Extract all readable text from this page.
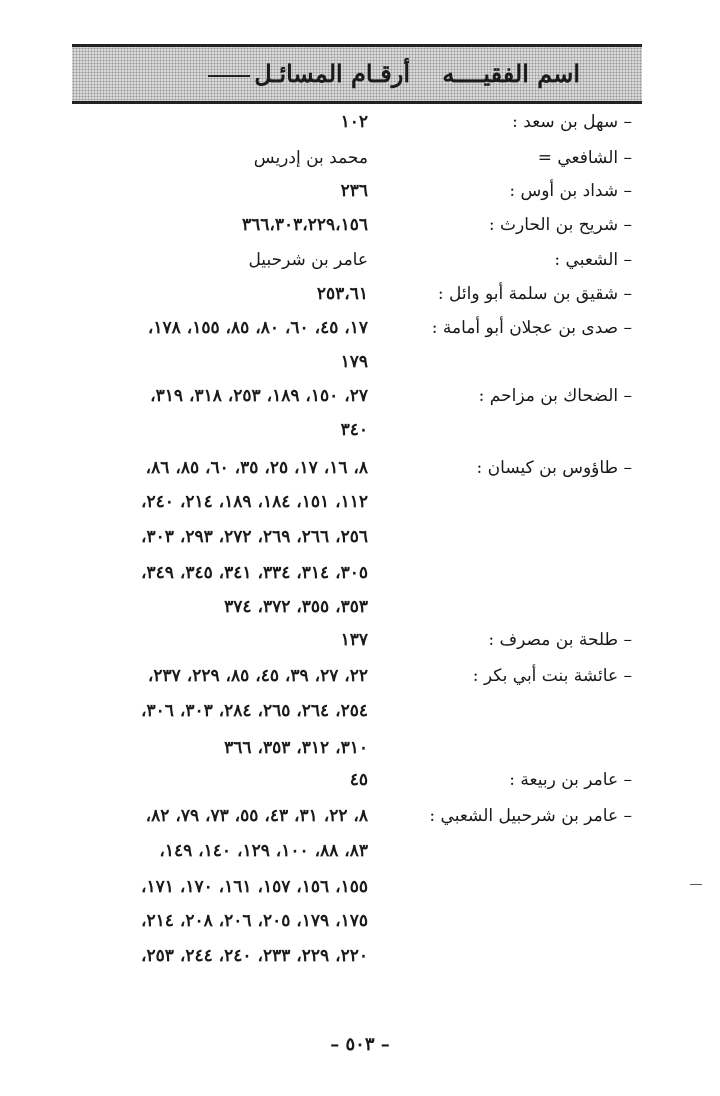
اسم الفقيــــه
أرقـام المسائـل
– سهل بن سعد :
١٠٢
– الشافعي =
محمد بن إدريس
– شداد بن أوس :
٢٣٦
– شريح بن الحارث :
٣٦٦،٣٠٣،٢٢٩،١٥٦
– الشعبي :
عامر بن شرحبيل
– شقيق بن سلمة أبو وائل :
٢٥٣،٦١
– صدى بن عجلان أبو أمامة :
١٧، ٤٥، ٦٠، ٨٠، ٨٥، ١٥٥، ١٧٨،
١٧٩
– الضحاك بن مزاحم :
٢٧، ١٥٠، ١٨٩، ٢٥٣، ٣١٨، ٣١٩،
٣٤٠
– طاؤوس بن كيسان :
٨، ١٦، ١٧، ٢٥، ٣٥، ٦٠، ٨٥، ٨٦،
١١٢، ١٥١، ١٨٤، ١٨٩، ٢١٤، ٢٤٠،
٢٥٦، ٢٦٦، ٢٦٩، ٢٧٢، ٢٩٣، ٣٠٣،
٣٠٥، ٣١٤، ٣٣٤، ٣٤١، ٣٤٥، ٣٤٩،
٣٥٣، ٣٥٥، ٣٧٢، ٣٧٤
– طلحة بن مصرف :
١٣٧
– عائشة بنت أبي بكر :
٢٢، ٢٧، ٣٩، ٤٥، ٨٥، ٢٢٩، ٢٣٧،
٢٥٤، ٢٦٤، ٢٦٥، ٢٨٤، ٣٠٣، ٣٠٦،
٣١٠، ٣١٢، ٣٥٣، ٣٦٦
– عامر بن ربيعة :
٤٥
– عامر بن شرحبيل الشعبي :
٨، ٢٢، ٣١، ٤٣، ٥٥، ٧٣، ٧٩، ٨٢،
٨٣، ٨٨، ١٠٠، ١٢٩، ١٤٠، ١٤٩،
١٥٥، ١٥٦، ١٥٧، ١٦١، ١٧٠، ١٧١،
١٧٥، ١٧٩، ٢٠٥، ٢٠٦، ٢٠٨، ٢١٤،
٢٢٠، ٢٢٩، ٢٣٣، ٢٤٠، ٢٤٤، ٢٥٣،
– ٥٠٣ –
